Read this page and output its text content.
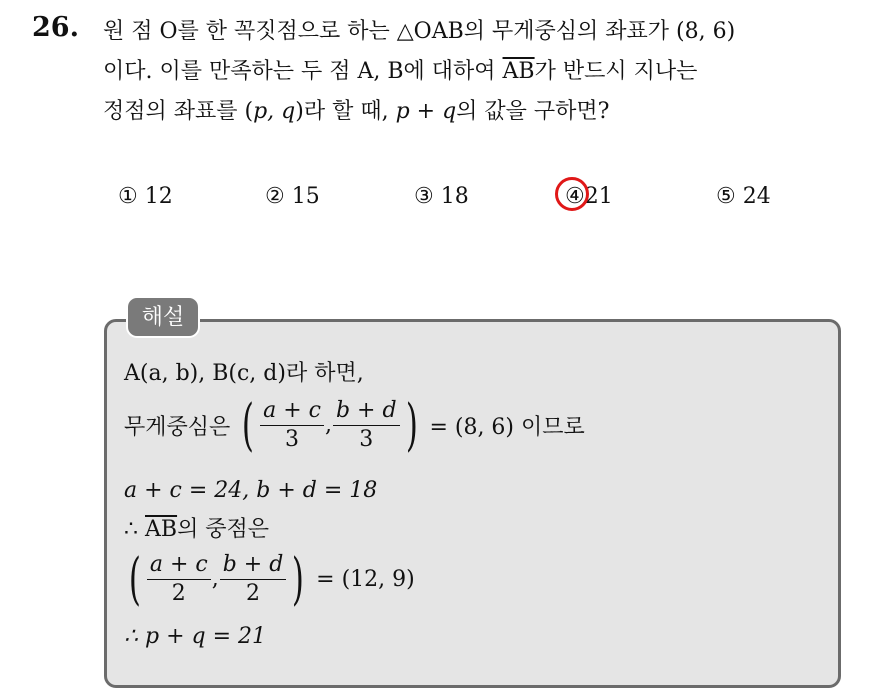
26. 원 점 O를 한 꼭짓점으로 하는 △OAB의 무게중심의 좌표가 (8, 6)
이다. 이를 만족하는 두 점 A, B에 대하여 $\overline{AB}$가 반드시 지나는
정점의 좌표를 (p, q)라 할 때, p + q의 값을 구하면?
① 12	② 15	③ 18	④21	⑤ 24
해설
A(a, b), B(c, d)라 하면,
무게중심은 ( $\frac{a + c}{3}$ , $\frac{b + d}{3}$ ) = (8, 6) 이므로
a + c = 24, b + d = 18
∴ $\overline{AB}$의 중점은
( $\frac{a + c}{2}$ , $\frac{b + d}{2}$ ) = (12, 9)
∴ p + q = 21
